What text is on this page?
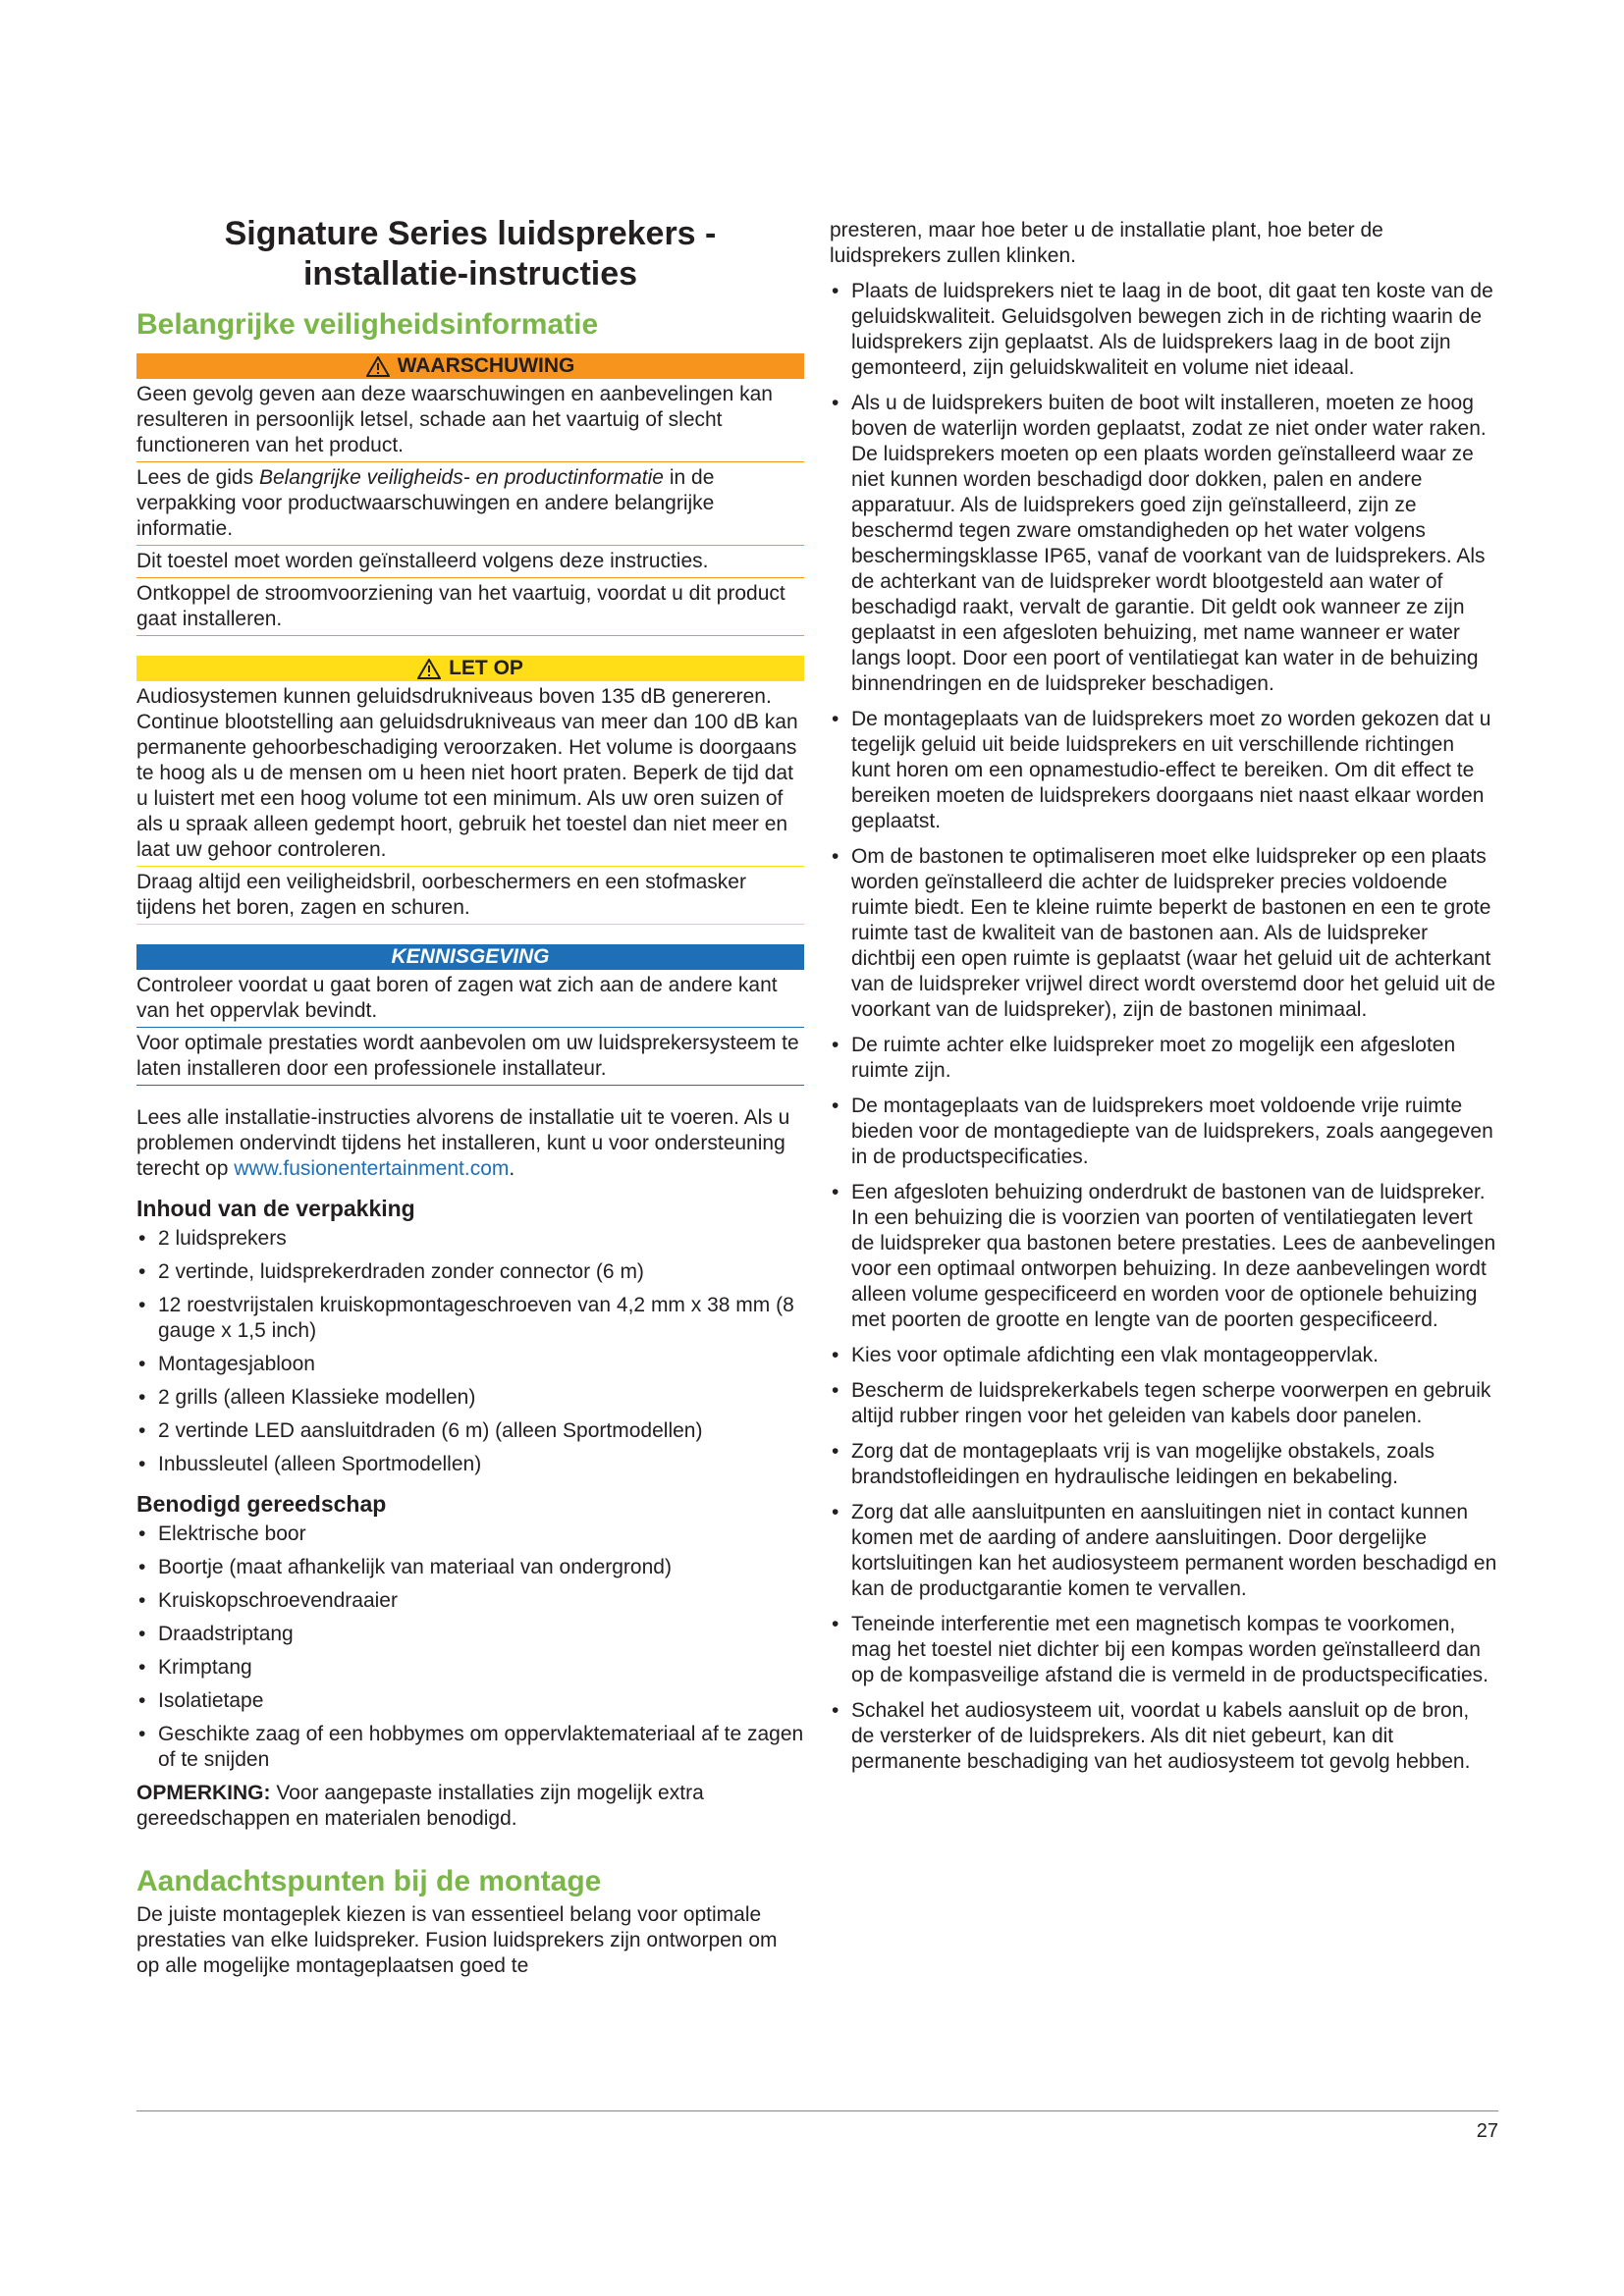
Signature Series luidsprekers -
installatie-instructies
Belangrijke veiligheidsinformatie
WAARSCHUWING

Geen gevolg geven aan deze waarschuwingen en aanbevelingen kan resulteren in persoonlijk letsel, schade aan het vaartuig of slecht functioneren van het product.

Lees de gids Belangrijke veiligheids- en productinformatie in de verpakking voor productwaarschuwingen en andere belangrijke informatie.

Dit toestel moet worden geïnstalleerd volgens deze instructies.

Ontkoppel de stroomvoorziening van het vaartuig, voordat u dit product gaat installeren.

LET OP

Audiosystemen kunnen geluidsdrukniveaus boven 135 dB genereren. Continue blootstelling aan geluidsdrukniveaus van meer dan 100 dB kan permanente gehoorbeschadiging veroorzaken. Het volume is doorgaans te hoog als u de mensen om u heen niet hoort praten. Beperk de tijd dat u luistert met een hoog volume tot een minimum. Als uw oren suizen of als u spraak alleen gedempt hoort, gebruik het toestel dan niet meer en laat uw gehoor controleren.

Draag altijd een veiligheidsbril, oorbeschermers en een stofmasker tijdens het boren, zagen en schuren.

KENNISGEVING

Controleer voordat u gaat boren of zagen wat zich aan de andere kant van het oppervlak bevindt.

Voor optimale prestaties wordt aanbevolen om uw luidsprekersysteem te laten installeren door een professionele installateur.

Lees alle installatie-instructies alvorens de installatie uit te voeren. Als u problemen ondervindt tijdens het installeren, kunt u voor ondersteuning terecht op www.fusionentertainment.com.

Inhoud van de verpakking
• 2 luidsprekers
• 2 vertinde, luidsprekerdraden zonder connector (6 m)
• 12 roestvrijstalen kruiskopmontageschroeven van 4,2 mm x 38 mm (8 gauge x 1,5 inch)
• Montagesjabloon
• 2 grills (alleen Klassieke modellen)
• 2 vertinde LED aansluitdraden (6 m) (alleen Sportmodellen)
• Inbussleutel (alleen Sportmodellen)
Benodigd gereedschap
• Elektrische boor
• Boortje (maat afhankelijk van materiaal van ondergrond)
• Kruiskopschroevendraaier
• Draadstriptang
• Krimptang
• Isolatietape
• Geschikte zaag of een hobbymes om oppervlaktemateriaal af te zagen of te snijden

OPMERKING: Voor aangepaste installaties zijn mogelijk extra gereedschappen en materialen benodigd.

Aandachtspunten bij de montage

De juiste montageplek kiezen is van essentieel belang voor optimale prestaties van elke luidspreker. Fusion luidsprekers zijn ontworpen om op alle mogelijke montageplaatsen goed te

presteren, maar hoe beter u de installatie plant, hoe beter de luidsprekers zullen klinken.

• Plaats de luidsprekers niet te laag in de boot, dit gaat ten koste van de geluidskwaliteit. Geluidsgolven bewegen zich in de richting waarin de luidsprekers zijn geplaatst. Als de luidsprekers laag in de boot zijn gemonteerd, zijn geluidskwaliteit en volume niet ideaal.
• Als u de luidsprekers buiten de boot wilt installeren, moeten ze hoog boven de waterlijn worden geplaatst, zodat ze niet onder water raken. De luidsprekers moeten op een plaats worden geïnstalleerd waar ze niet kunnen worden beschadigd door dokken, palen en andere apparatuur. Als de luidsprekers goed zijn geïnstalleerd, zijn ze beschermd tegen zware omstandigheden op het water volgens beschermingsklasse IP65, vanaf de voorkant van de luidsprekers. Als de achterkant van de luidspreker wordt blootgesteld aan water of beschadigd raakt, vervalt de garantie. Dit geldt ook wanneer ze zijn geplaatst in een afgesloten behuizing, met name wanneer er water langs loopt. Door een poort of ventilatiegat kan water in de behuizing binnendringen en de luidspreker beschadigen.
• De montageplaats van de luidsprekers moet zo worden gekozen dat u tegelijk geluid uit beide luidsprekers en uit verschillende richtingen kunt horen om een opnamestudio-effect te bereiken. Om dit effect te bereiken moeten de luidsprekers doorgaans niet naast elkaar worden geplaatst.
• Om de bastonen te optimaliseren moet elke luidspreker op een plaats worden geïnstalleerd die achter de luidspreker precies voldoende ruimte biedt. Een te kleine ruimte beperkt de bastonen en een te grote ruimte tast de kwaliteit van de bastonen aan. Als de luidspreker dichtbij een open ruimte is geplaatst (waar het geluid uit de achterkant van de luidspreker vrijwel direct wordt overstemd door het geluid uit de voorkant van de luidspreker), zijn de bastonen minimaal.
• De ruimte achter elke luidspreker moet zo mogelijk een afgesloten ruimte zijn.
• De montageplaats van de luidsprekers moet voldoende vrije ruimte bieden voor de montagediepte van de luidsprekers, zoals aangegeven in de productspecificaties.
• Een afgesloten behuizing onderdrukt de bastonen van de luidspreker. In een behuizing die is voorzien van poorten of ventilatiegaten levert de luidspreker qua bastonen betere prestaties. Lees de aanbevelingen voor een optimaal ontworpen behuizing. In deze aanbevelingen wordt alleen volume gespecificeerd en worden voor de optionele behuizing met poorten de grootte en lengte van de poorten gespecificeerd.
• Kies voor optimale afdichting een vlak montageoppervlak.
• Bescherm de luidsprekerkabels tegen scherpe voorwerpen en gebruik altijd rubber ringen voor het geleiden van kabels door panelen.
• Zorg dat de montageplaats vrij is van mogelijke obstakels, zoals brandstofleidingen en hydraulische leidingen en bekabeling.
• Zorg dat alle aansluitpunten en aansluitingen niet in contact kunnen komen met de aarding of andere aansluitingen. Door dergelijke kortsluitingen kan het audiosysteem permanent worden beschadigd en kan de productgarantie komen te vervallen.
• Teneinde interferentie met een magnetisch kompas te voorkomen, mag het toestel niet dichter bij een kompas worden geïnstalleerd dan op de kompasveilige afstand die is vermeld in de productspecificaties.
• Schakel het audiosysteem uit, voordat u kabels aansluit op de bron, de versterker of de luidsprekers. Als dit niet gebeurt, kan dit permanente beschadiging van het audiosysteem tot gevolg hebben.
27
